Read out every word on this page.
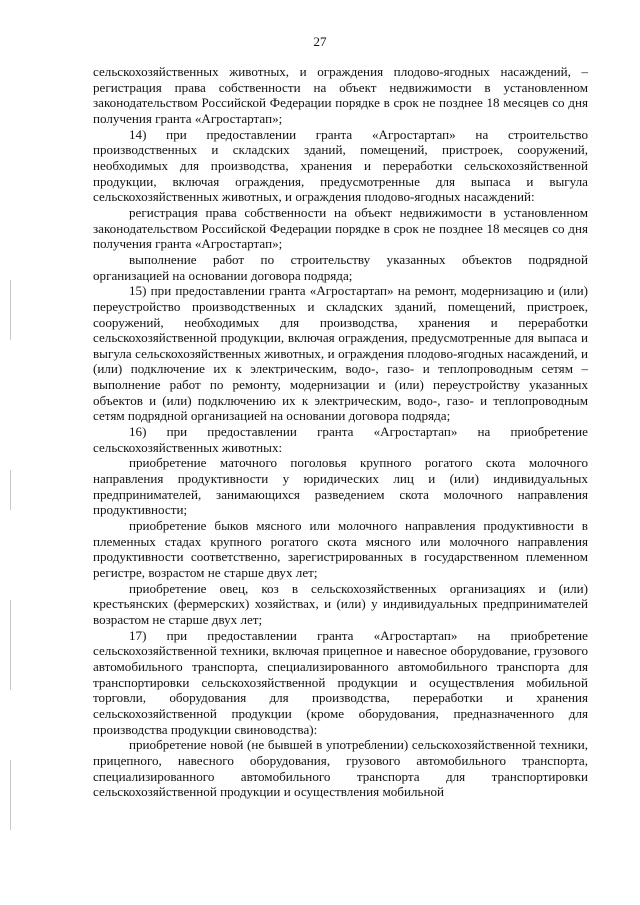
27

сельскохозяйственных животных, и ограждения плодово-ягодных насаждений, – регистрация права собственности на объект недвижимости в установленном законодательством Российской Федерации порядке в срок не позднее 18 месяцев со дня получения гранта «Агростартап»;

14) при предоставлении гранта «Агростартап» на строительство производственных и складских зданий, помещений, пристроек, сооружений, необходимых для производства, хранения и переработки сельскохозяйственной продукции, включая ограждения, предусмотренные для выпаса и выгула сельскохозяйственных животных, и ограждения плодово-ягодных насаждений:

регистрация права собственности на объект недвижимости в установленном законодательством Российской Федерации порядке в срок не позднее 18 месяцев со дня получения гранта «Агростартап»;

выполнение работ по строительству указанных объектов подрядной организацией на основании договора подряда;

15) при предоставлении гранта «Агростартап» на ремонт, модернизацию и (или) переустройство производственных и складских зданий, помещений, пристроек, сооружений, необходимых для производства, хранения и переработки сельскохозяйственной продукции, включая ограждения, предусмотренные для выпаса и выгула сельскохозяйственных животных, и ограждения плодово-ягодных насаждений, и (или) подключение их к электрическим, водо-, газо- и теплопроводным сетям – выполнение работ по ремонту, модернизации и (или) переустройству указанных объектов и (или) подключению их к электрическим, водо-, газо- и теплопроводным сетям подрядной организацией на основании договора подряда;

16) при предоставлении гранта «Агростартап» на приобретение сельскохозяйственных животных:

приобретение маточного поголовья крупного рогатого скота молочного направления продуктивности у юридических лиц и (или) индивидуальных предпринимателей, занимающихся разведением скота молочного направления продуктивности;

приобретение быков мясного или молочного направления продуктивности в племенных стадах крупного рогатого скота мясного или молочного направления продуктивности соответственно, зарегистрированных в государственном племенном регистре, возрастом не старше двух лет;

приобретение овец, коз в сельскохозяйственных организациях и (или) крестьянских (фермерских) хозяйствах, и (или) у индивидуальных предпринимателей возрастом не старше двух лет;

17) при предоставлении гранта «Агростартап» на приобретение сельскохозяйственной техники, включая прицепное и навесное оборудование, грузового автомобильного транспорта, специализированного автомобильного транспорта для транспортировки сельскохозяйственной продукции и осуществления мобильной торговли, оборудования для производства, переработки и хранения сельскохозяйственной продукции (кроме оборудования, предназначенного для производства продукции свиноводства):

приобретение новой (не бывшей в употреблении) сельскохозяйственной техники, прицепного, навесного оборудования, грузового автомобильного транспорта, специализированного автомобильного транспорта для транспортировки сельскохозяйственной продукции и осуществления мобильной
